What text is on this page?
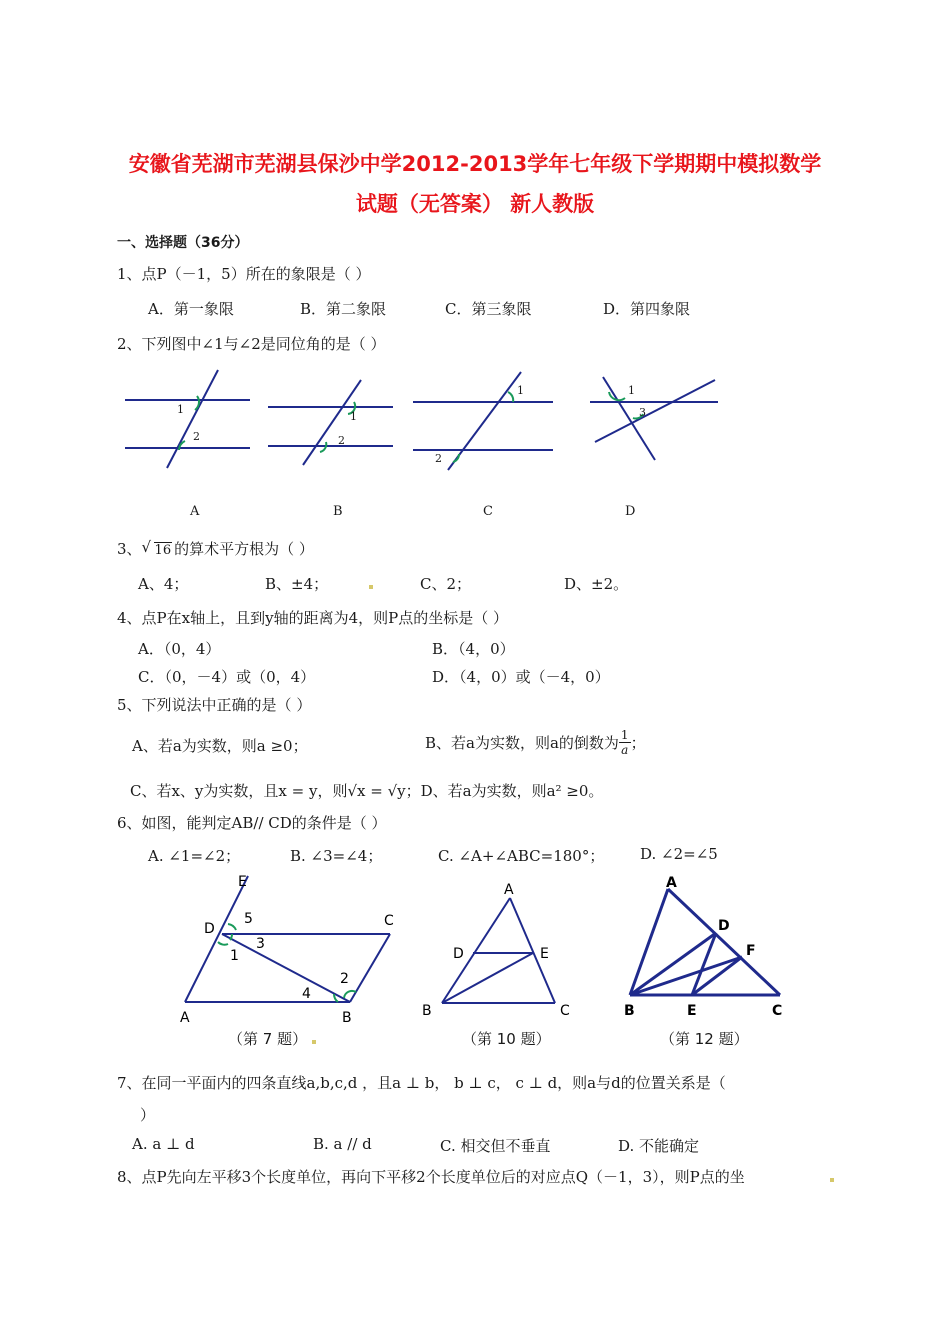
安徽省芜湖市芜湖县保沙中学2012-2013学年七年级下学期期中模拟数学
试题（无答案） 新人教版
一、选择题（36分）
1、点P（－1，5）所在的象限是（ ）
A．第一象限	B．第二象限	C．第三象限	D．第四象限
2、下列图中∠1与∠2是同位角的是（ ）
1
2
1
2
1
2
1
3
A	B	C	D
3、 √ 16 的算术平方根为（ ）
A、4；	B、±4；	C、2；	D、±2。
4、点P在x轴上，且到y轴的距离为4，则P点的坐标是（ ）
A．（0，4）	B．（4，0）
C．（0，－4）或（0，4）	D．（4，0）或（－4，0）
5、下列说法中正确的是（ ）
A、若a为实数，则a ≥0；	B、若a为实数，则a的倒数为 $\frac{1}{a}$ ；
C、若x、y为实数，且x = y，则√x = √y；D、若a为实数，则a² ≥0。
6、如图，能判定AB// CD的条件是（ ）
A. ∠1=∠2；	B. ∠3=∠4；	C. ∠A+∠ABC=180°； D. ∠2=∠5
E
D	C
A	B
5
3
1
2
4
（第 7 题）
A
D	E
B	C
（第 10 题）
A
D
F
B	E	C
（第 12 题）
7、在同一平面内的四条直线a,b,c,d ，且a ⊥ b， b ⊥ c， c ⊥ d，则a与d的位置关系是（
）
A. a ⊥ d	B. a // d	C. 相交但不垂直	D. 不能确定
8、点P先向左平移3个长度单位，再向下平移2个长度单位后的对应点Q（－1，3），则P点的坐
